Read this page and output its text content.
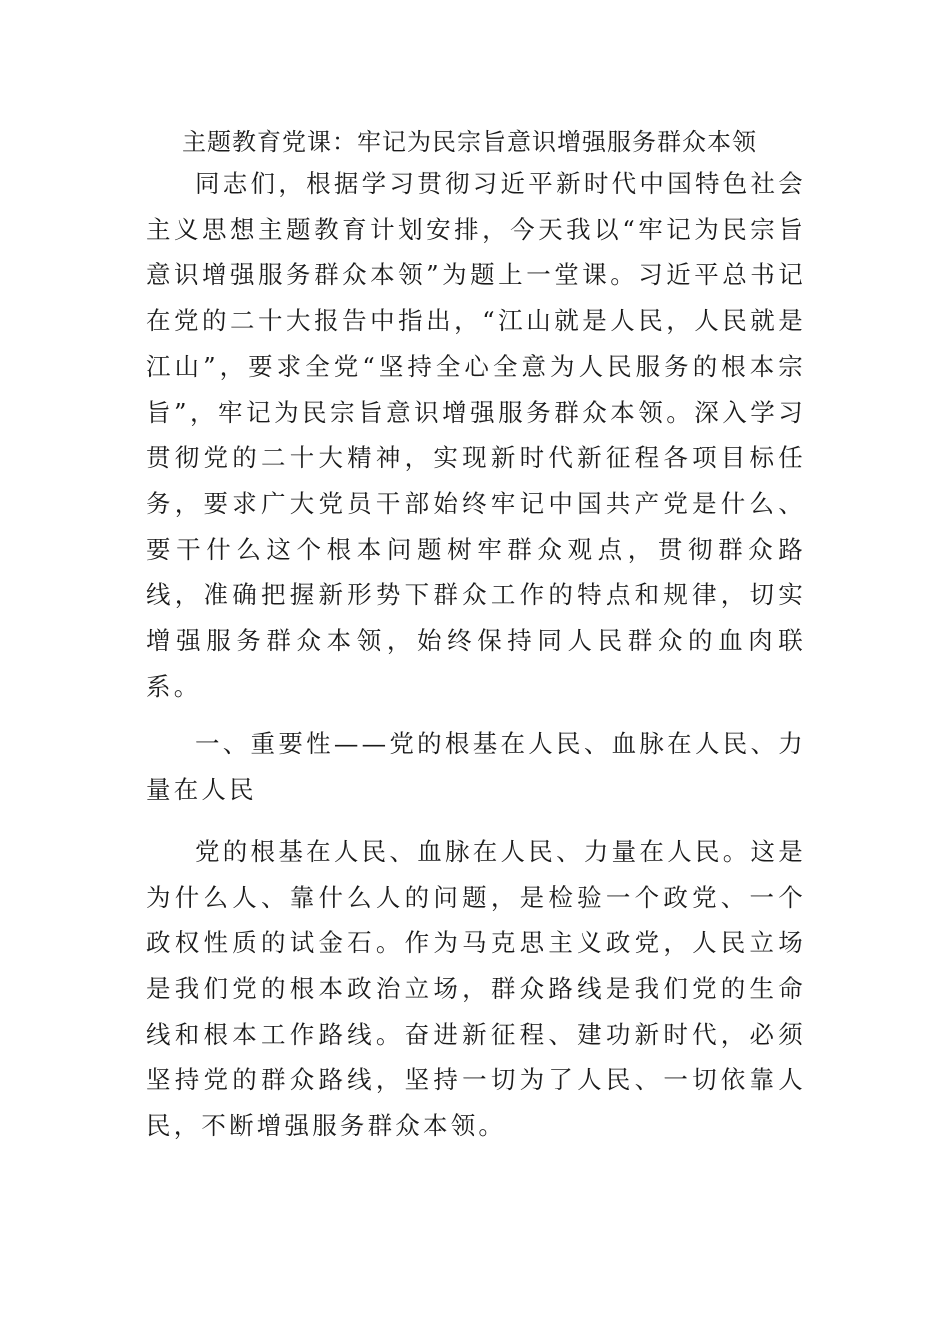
主题教育党课：牢记为民宗旨意识增强服务群众本领

同志们，根据学习贯彻习近平新时代中国特色社会主义思想主题教育计划安排，今天我以“牢记为民宗旨意识增强服务群众本领”为题上一堂课。习近平总书记在党的二十大报告中指出，“江山就是人民，人民就是江山”，要求全党“坚持全心全意为人民服务的根本宗旨”，牢记为民宗旨意识增强服务群众本领。深入学习贯彻党的二十大精神，实现新时代新征程各项目标任务，要求广大党员干部始终牢记中国共产党是什么、要干什么这个根本问题树牢群众观点，贯彻群众路线，准确把握新形势下群众工作的特点和规律，切实增强服务群众本领，始终保持同人民群众的血肉联系。

一、重要性——党的根基在人民、血脉在人民、力量在人民

党的根基在人民、血脉在人民、力量在人民。这是为什么人、靠什么人的问题，是检验一个政党、一个政权性质的试金石。作为马克思主义政党，人民立场是我们党的根本政治立场，群众路线是我们党的生命线和根本工作路线。奋进新征程、建功新时代，必须坚持党的群众路线，坚持一切为了人民、一切依靠人民，不断增强服务群众本领。
